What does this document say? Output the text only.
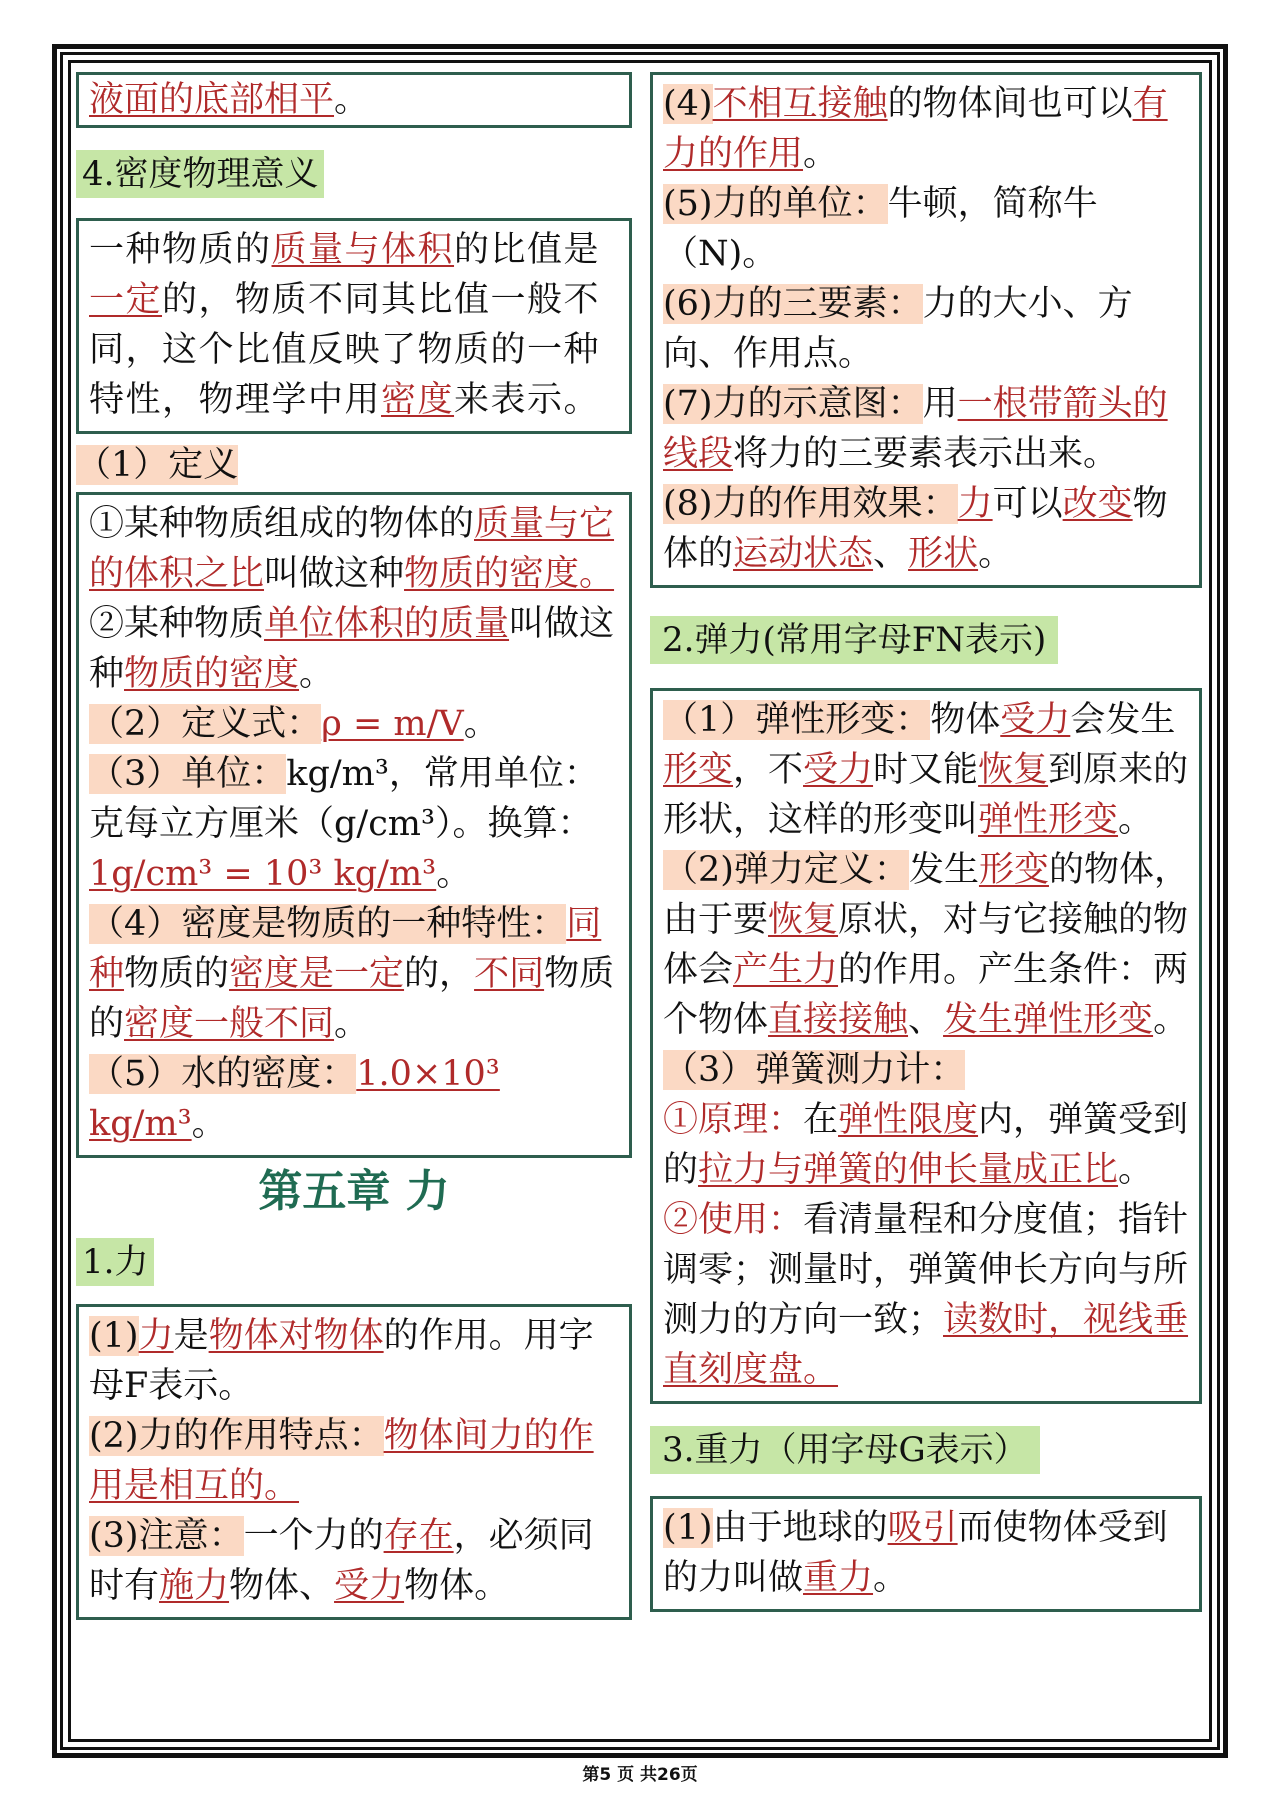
液面的底部相平。

4.密度物理意义

一种物质的质量与体积的比值是一定的，物质不同其比值一般不同，这个比值反映了物质的一种特性，物理学中用密度来表示。

（1）定义

①某种物质组成的物体的质量与它的体积之比叫做这种物质的密度。
②某种物质单位体积的质量叫做这种物质的密度。

（2）定义式：ρ = m/V。

（3）单位：kg/m³，常用单位：克每立方厘米（g/cm³）。换算：
1g/cm³ = 10³ kg/m³。

（4）密度是物质的一种特性：同种物质的密度是一定的，不同物质的密度一般不同。

（5）水的密度：1.0×10³ kg/m³。

第五章 力
1.力

(1)力是物体对物体的作用。用字母F表示。

(2)力的作用特点：物体间力的作用是相互的。

(3)注意：一个力的存在，必须同时有施力物体、受力物体。

(4)不相互接触的物体间也可以有力的作用。

(5)力的单位：牛顿，简称牛（N)。

(6)力的三要素：力的大小、方向、作用点。

(7)力的示意图：用一根带箭头的线段将力的三要素表示出来。

(8)力的作用效果：力可以改变物体的运动状态、形状。

2.弹力(常用字母FN表示)

（1）弹性形变：物体受力会发生形变，不受力时又能恢复到原来的形状，这样的形变叫弹性形变。

（2)弹力定义：发生形变的物体，由于要恢复原状，对与它接触的物体会产生力的作用。产生条件：两个物体直接接触、发生弹性形变。

（3）弹簧测力计：

①原理：在弹性限度内，弹簧受到的拉力与弹簧的伸长量成正比。

②使用：看清量程和分度值；指针调零；测量时，弹簧伸长方向与所测力的方向一致；读数时，视线垂直刻度盘。

3.重力（用字母G表示）

(1)由于地球的吸引而使物体受到的力叫做重力。

第5 页 共26页
